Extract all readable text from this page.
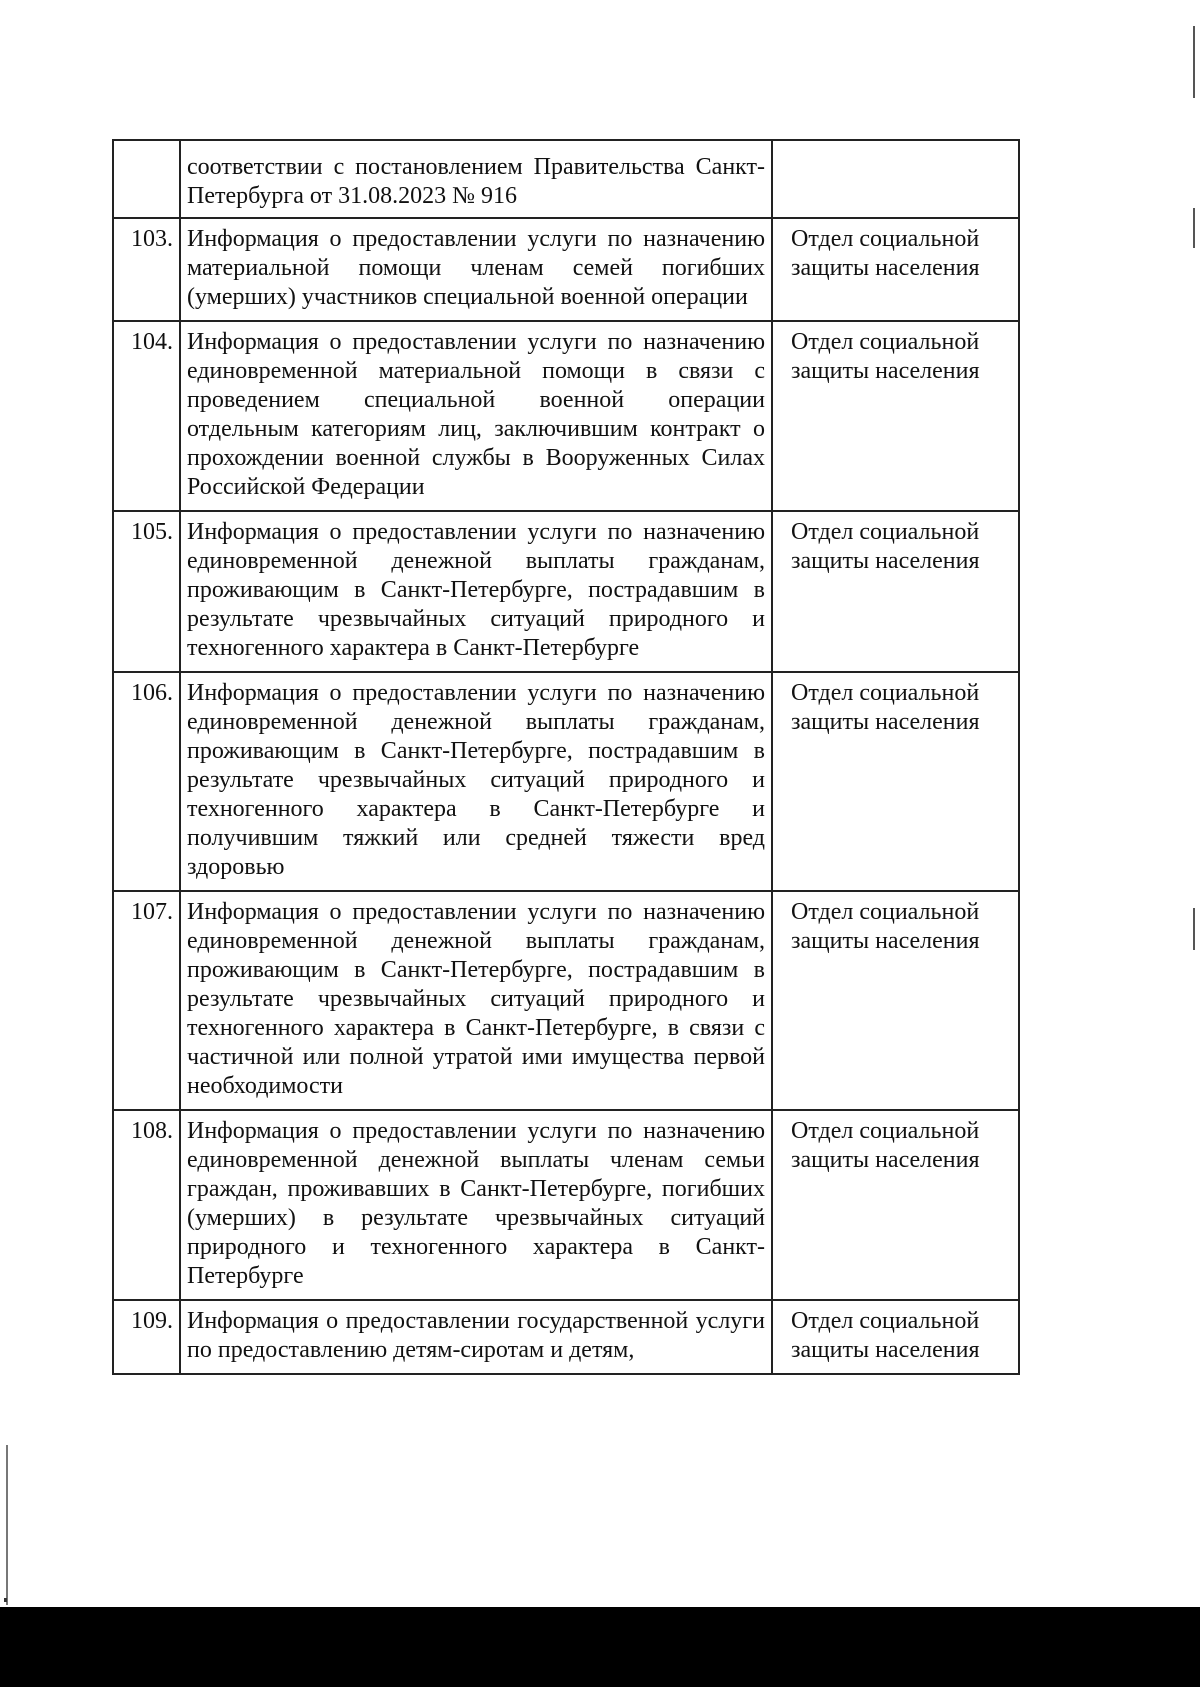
	соответствии с постановлением Правительства Санкт-Петербурга от 31.08.2023 № 916	
103.	Информация о предоставлении услуги по назначению материальной помощи членам семей погибших (умерших) участников специальной военной операции	Отдел социальной защиты населения
104.	Информация о предоставлении услуги по назначению единовременной материальной помощи в связи с проведением специальной военной операции отдельным категориям лиц, заключившим контракт о прохождении военной службы в Вооруженных Силах Российской Федерации	Отдел социальной защиты населения
105.	Информация о предоставлении услуги по назначению единовременной денежной выплаты гражданам, проживающим в Санкт-Петербурге, пострадавшим в результате чрезвычайных ситуаций природного и техногенного характера в Санкт-Петербурге	Отдел социальной защиты населения
106.	Информация о предоставлении услуги по назначению единовременной денежной выплаты гражданам, проживающим в Санкт-Петербурге, пострадавшим в результате чрезвычайных ситуаций природного и техногенного характера в Санкт-Петербурге и получившим тяжкий или средней тяжести вред здоровью	Отдел социальной защиты населения
107.	Информация о предоставлении услуги по назначению единовременной денежной выплаты гражданам, проживающим в Санкт-Петербурге, пострадавшим в результате чрезвычайных ситуаций природного и техногенного характера в Санкт-Петербурге, в связи с частичной или полной утратой ими имущества первой необходимости	Отдел социальной защиты населения
108.	Информация о предоставлении услуги по назначению единовременной денежной выплаты членам семьи граждан, проживавших в Санкт-Петербурге, погибших (умерших) в результате чрезвычайных ситуаций природного и техногенного характера в Санкт-Петербурге	Отдел социальной защиты населения
109.	Информация о предоставлении государственной услуги по предоставлению детям-сиротам и детям,	Отдел социальной защиты населения
